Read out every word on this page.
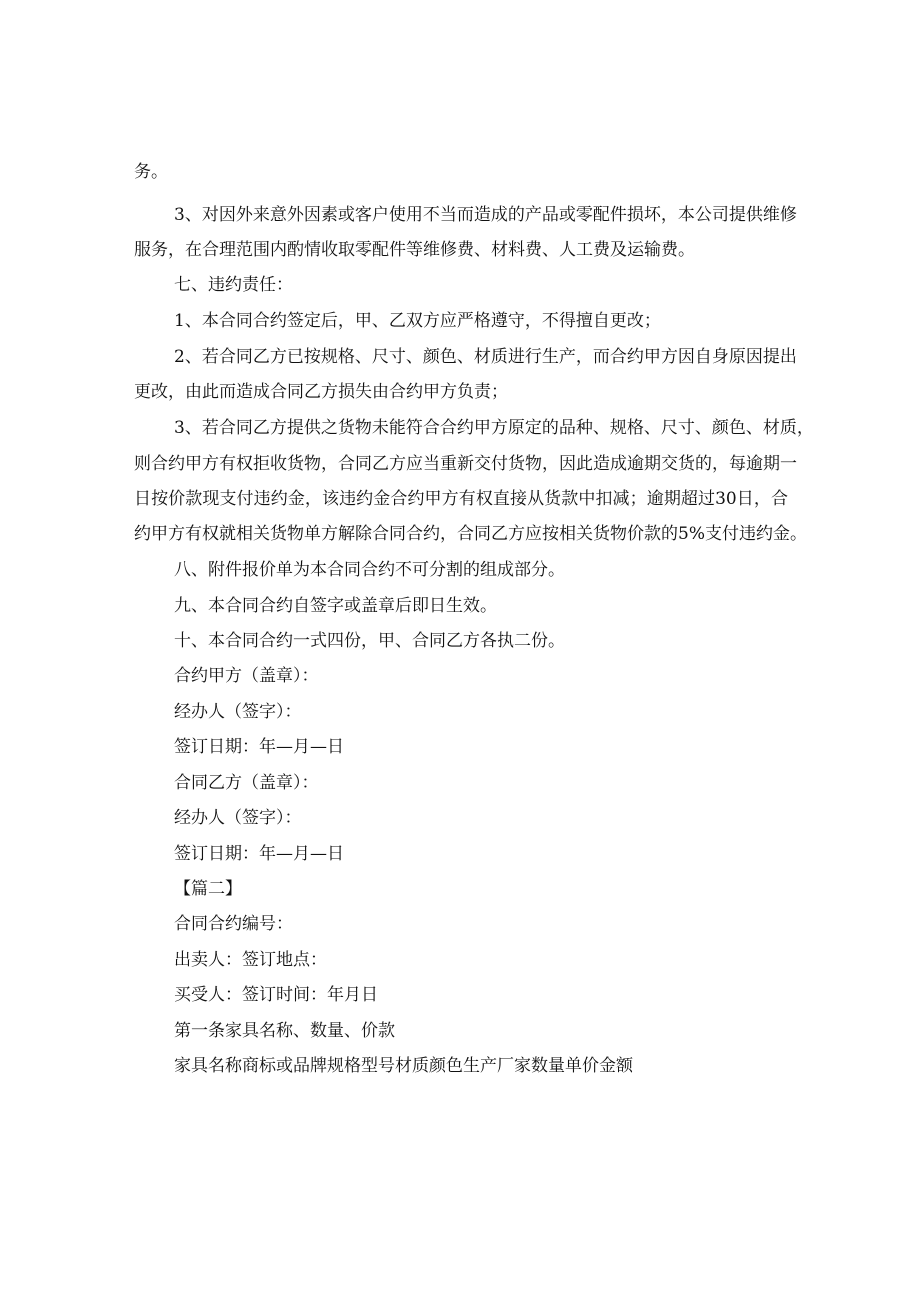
务。
3、对因外来意外因素或客户使用不当而造成的产品或零配件损坏，本公司提供维修
服务，在合理范围内酌情收取零配件等维修费、材料费、人工费及运输费。
七、违约责任：
1、本合同合约签定后，甲、乙双方应严格遵守，不得擅自更改；
2、若合同乙方已按规格、尺寸、颜色、材质进行生产，而合约甲方因自身原因提出
更改，由此而造成合同乙方损失由合约甲方负责；
3、若合同乙方提供之货物未能符合合约甲方原定的品种、规格、尺寸、颜色、材质，
则合约甲方有权拒收货物，合同乙方应当重新交付货物，因此造成逾期交货的，每逾期一
日按价款现支付违约金，该违约金合约甲方有权直接从货款中扣减；逾期超过30日，合
约甲方有权就相关货物单方解除合同合约，合同乙方应按相关货物价款的5%支付违约金。
八、附件报价单为本合同合约不可分割的组成部分。
九、本合同合约自签字或盖章后即日生效。
十、本合同合约一式四份，甲、合同乙方各执二份。
合约甲方（盖章）：
经办人（签字）：
签订日期：年—月—日
合同乙方（盖章）：
经办人（签字）：
签订日期：年—月—日
【篇二】
合同合约编号：
出卖人：签订地点：
买受人：签订时间：年月日
第一条家具名称、数量、价款
家具名称商标或品牌规格型号材质颜色生产厂家数量单价金额
